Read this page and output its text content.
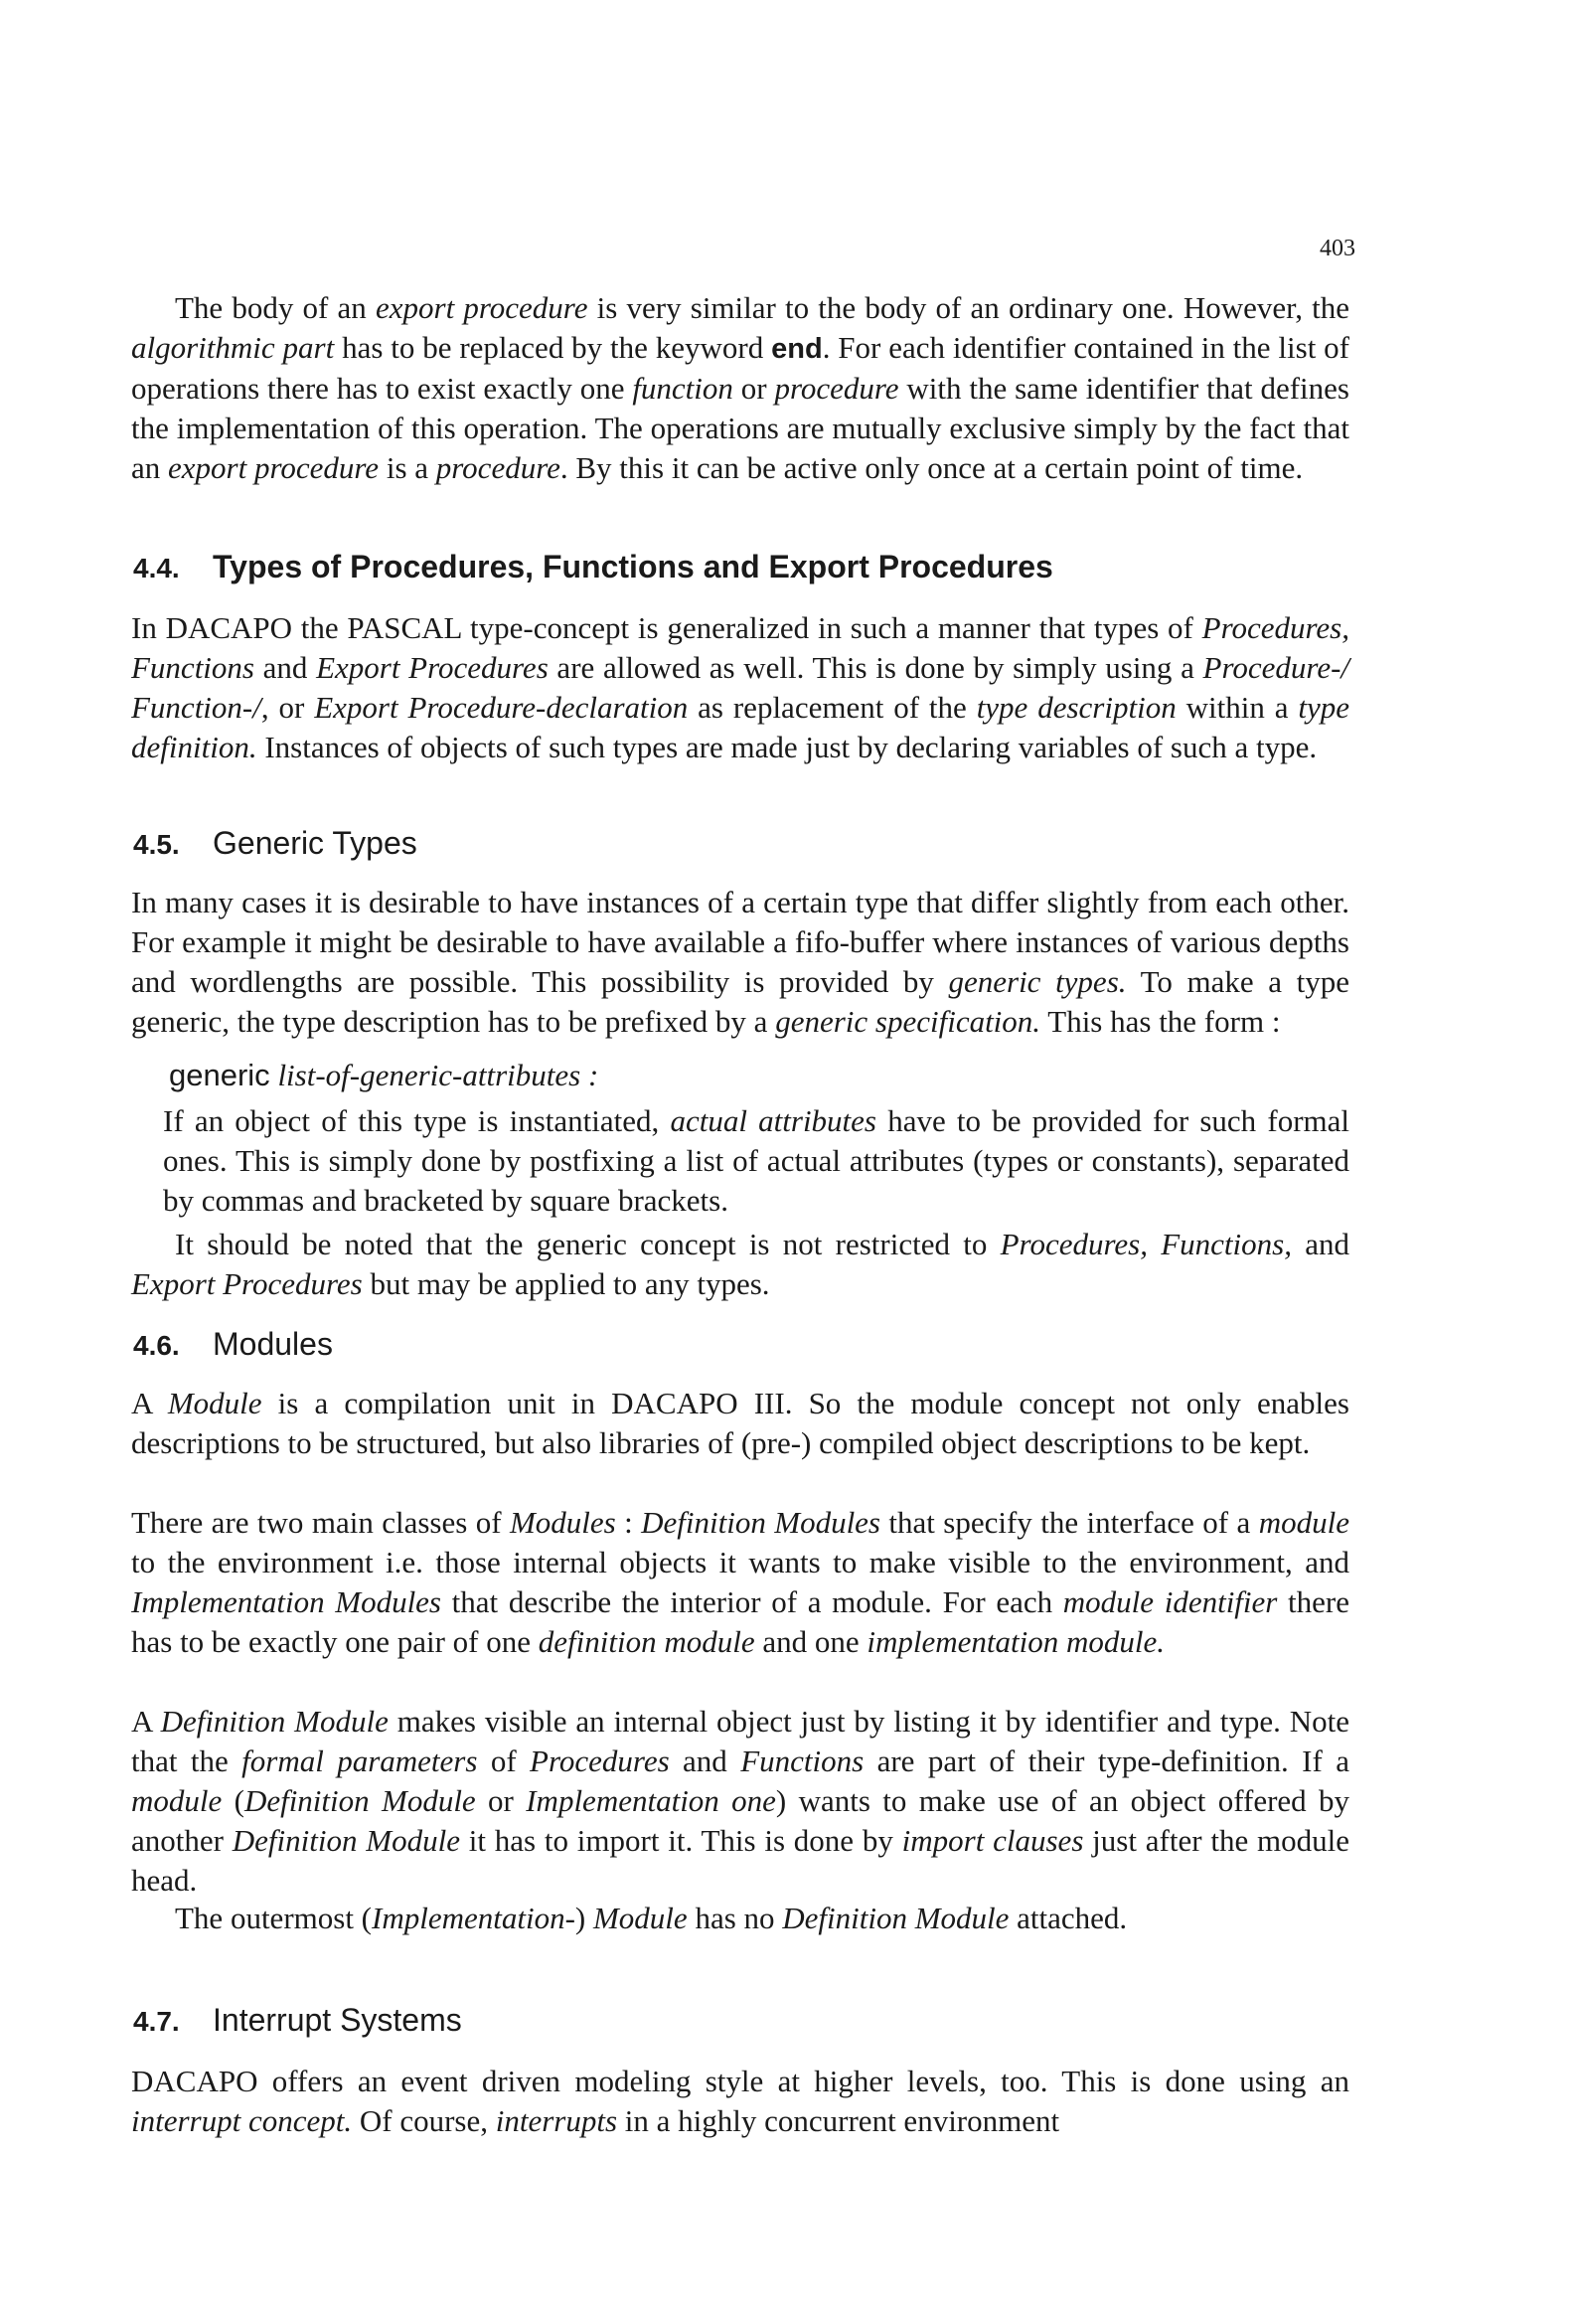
403

The body of an export procedure is very similar to the body of an ordinary one. However, the algorithmic part has to be replaced by the keyword end. For each identifier contained in the list of operations there has to exist exactly one function or procedure with the same identifier that defines the implementation of this operation. The operations are mutually exclusive simply by the fact that an export procedure is a procedure. By this it can be active only once at a certain point of time.

4.4. Types of Procedures, Functions and Export Procedures

In DACAPO the PASCAL type-concept is generalized in such a manner that types of Procedures, Functions and Export Procedures are allowed as well. This is done by simply using a Procedure-/ Function-/, or Export Procedure-declaration as replacement of the type description within a type definition. Instances of objects of such types are made just by declaring variables of such a type.

4.5. Generic Types

In many cases it is desirable to have instances of a certain type that differ slightly from each other. For example it might be desirable to have available a fifo-buffer where instances of various depths and wordlengths are possible. This possibility is provided by generic types. To make a type generic, the type description has to be prefixed by a generic specification. This has the form :

generic list-of-generic-attributes :

If an object of this type is instantiated, actual attributes have to be provided for such formal ones. This is simply done by postfixing a list of actual attributes (types or constants), separated by commas and bracketed by square brackets.

It should be noted that the generic concept is not restricted to Procedures, Functions, and Export Procedures but may be applied to any types.

4.6. Modules

A Module is a compilation unit in DACAPO III. So the module concept not only enables descriptions to be structured, but also libraries of (pre-) compiled object descriptions to be kept.

There are two main classes of Modules : Definition Modules that specify the interface of a module to the environment i.e. those internal objects it wants to make visible to the environment, and Implementation Modules that describe the interior of a module. For each module identifier there has to be exactly one pair of one definition module and one implementation module.

A Definition Module makes visible an internal object just by listing it by identifier and type. Note that the formal parameters of Procedures and Functions are part of their type-definition. If a module (Definition Module or Implementation one) wants to make use of an object offered by another Definition Module it has to import it. This is done by import clauses just after the module head.

The outermost (Implementation-) Module has no Definition Module attached.

4.7. Interrupt Systems

DACAPO offers an event driven modeling style at higher levels, too. This is done using an interrupt concept. Of course, interrupts in a highly concurrent environment
